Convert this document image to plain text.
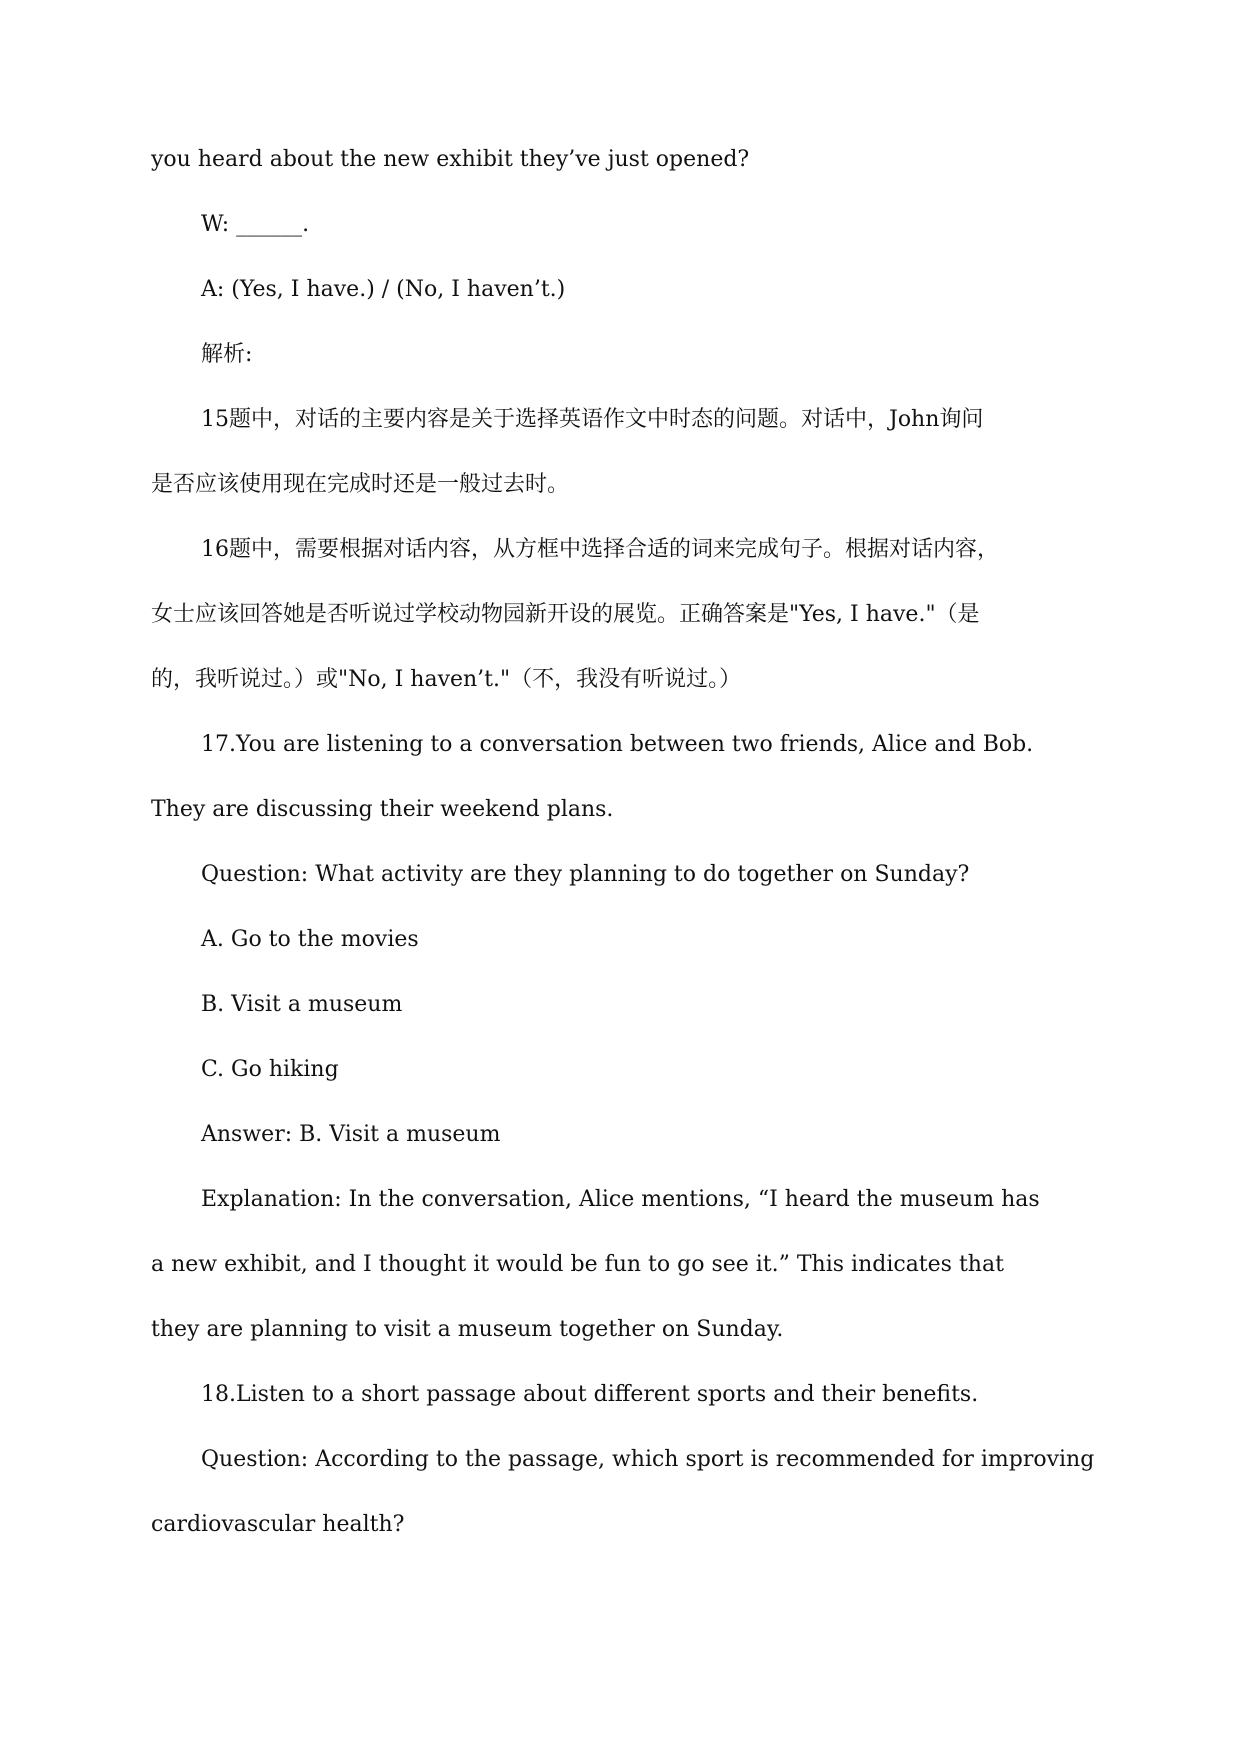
you heard about the new exhibit they’ve just opened?
W: ______.
A: (Yes, I have.) / (No, I haven’t.)
解析:
15题中，对话的主要内容是关于选择英语作文中时态的问题。对话中，John询问
是否应该使用现在完成时还是一般过去时。
16题中，需要根据对话内容，从方框中选择合适的词来完成句子。根据对话内容，
女士应该回答她是否听说过学校动物园新开设的展览。正确答案是"Yes, I have."（是
的，我听说过。）或"No, I haven’t."（不，我没有听说过。）
17.You are listening to a conversation between two friends, Alice and Bob.
They are discussing their weekend plans.
Question: What activity are they planning to do together on Sunday?
A. Go to the movies
B. Visit a museum
C. Go hiking
Answer: B. Visit a museum
Explanation: In the conversation, Alice mentions, “I heard the museum has
a new exhibit, and I thought it would be fun to go see it.” This indicates that
they are planning to visit a museum together on Sunday.
18.Listen to a short passage about different sports and their benefits.
Question: According to the passage, which sport is recommended for improving
cardiovascular health?
